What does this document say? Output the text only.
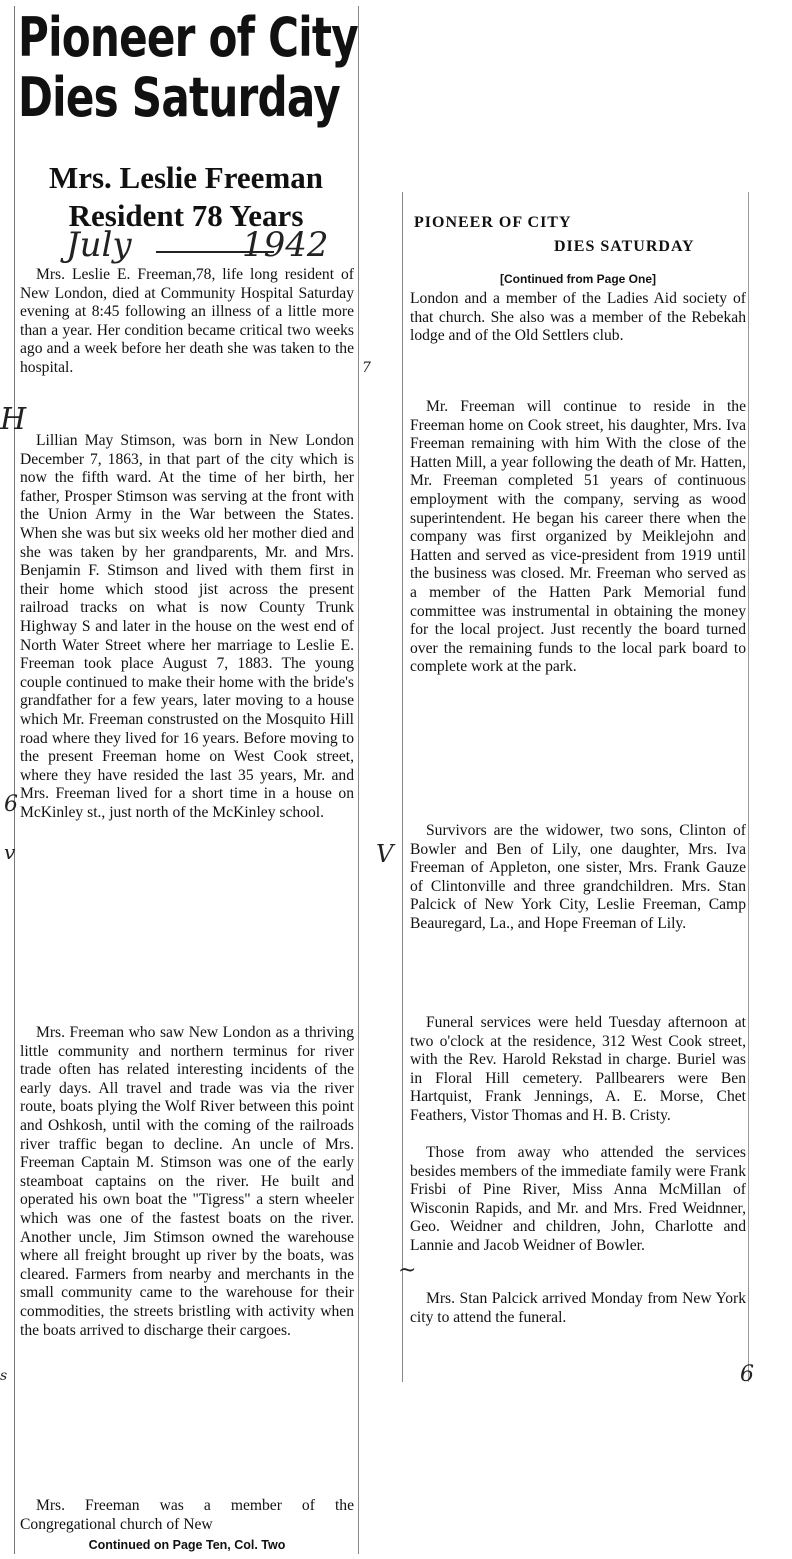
Pioneer of City
Dies Saturday
Mrs. Leslie Freeman
Resident 78 Years
July	1942

Mrs. Leslie E. Freeman,78, life long resident of New London, died at Community Hospital Saturday evening at 8:45 following an illness of a little more than a year. Her condition became critical two weeks ago and a week before her death she was taken to the hospital.

Lillian May Stimson, was born in New London December 7, 1863, in that part of the city which is now the fifth ward. At the time of her birth, her father, Prosper Stimson was serving at the front with the Union Army in the War between the States. When she was but six weeks old her mother died and she was taken by her grandparents, Mr. and Mrs. Benjamin F. Stimson and lived with them first in their home which stood jist across the present railroad tracks on what is now County Trunk Highway S and later in the house on the west end of North Water Street where her marriage to Leslie E. Freeman took place August 7, 1883. The young couple continued to make their home with the bride's grandfather for a few years, later moving to a house which Mr. Freeman construsted on the Mosquito Hill road where they lived for 16 years. Before moving to the present Freeman home on West Cook street, where they have resided the last 35 years, Mr. and Mrs. Freeman lived for a short time in a house on McKinley st., just north of the McKinley school.

Mrs. Freeman who saw New London as a thriving little community and northern terminus for river trade often has related interesting incidents of the early days. All travel and trade was via the river route, boats plying the Wolf River between this point and Oshkosh, until with the coming of the railroads river traffic began to decline. An uncle of Mrs. Freeman Captain M. Stimson was one of the early steamboat captains on the river. He built and operated his own boat the "Tigress" a stern wheeler which was one of the fastest boats on the river. Another uncle, Jim Stimson owned the warehouse where all freight brought up river by the boats, was cleared. Farmers from nearby and merchants in the small community came to the warehouse for their commodities, the streets bristling with activity when the boats arrived to discharge their cargoes.

Mrs. Freeman was a member of the Congregational church of New

Continued on Page Ten, Col. Two
PIONEER OF CITY
DIES SATURDAY
[Continued from Page One]

London and a member of the Ladies Aid society of that church. She also was a member of the Rebekah lodge and of the Old Settlers club.

Mr. Freeman will continue to reside in the Freeman home on Cook street, his daughter, Mrs. Iva Freeman remaining with him With the close of the Hatten Mill, a year following the death of Mr. Hatten, Mr. Freeman completed 51 years of continuous employment with the company, serving as wood superintendent. He began his career there when the company was first organized by Meiklejohn and Hatten and served as vice-president from 1919 until the business was closed. Mr. Freeman who served as a member of the Hatten Park Memorial fund committee was instrumental in obtaining the money for the local project. Just recently the board turned over the remaining funds to the local park board to complete work at the park.

Survivors are the widower, two sons, Clinton of Bowler and Ben of Lily, one daughter, Mrs. Iva Freeman of Appleton, one sister, Mrs. Frank Gauze of Clintonville and three grandchildren. Mrs. Stan Palcick of New York City, Leslie Freeman, Camp Beauregard, La., and Hope Freeman of Lily.

Funeral services were held Tuesday afternoon at two o'clock at the residence, 312 West Cook street, with the Rev. Harold Rekstad in charge. Buriel was in Floral Hill cemetery. Pallbearers were Ben Hartquist, Frank Jennings, A. E. Morse, Chet Feathers, Vistor Thomas and H. B. Cristy.

Those from away who attended the services besides members of the immediate family were Frank Frisbi of Pine River, Miss Anna McMillan of Wisconin Rapids, and Mr. and Mrs. Fred Weidnner, Geo. Weidner and children, John, Charlotte and Lannie and Jacob Weidner of Bowler.

Mrs. Stan Palcick arrived Monday from New York city to attend the funeral.

H
6
v	V
s
~
6
7
